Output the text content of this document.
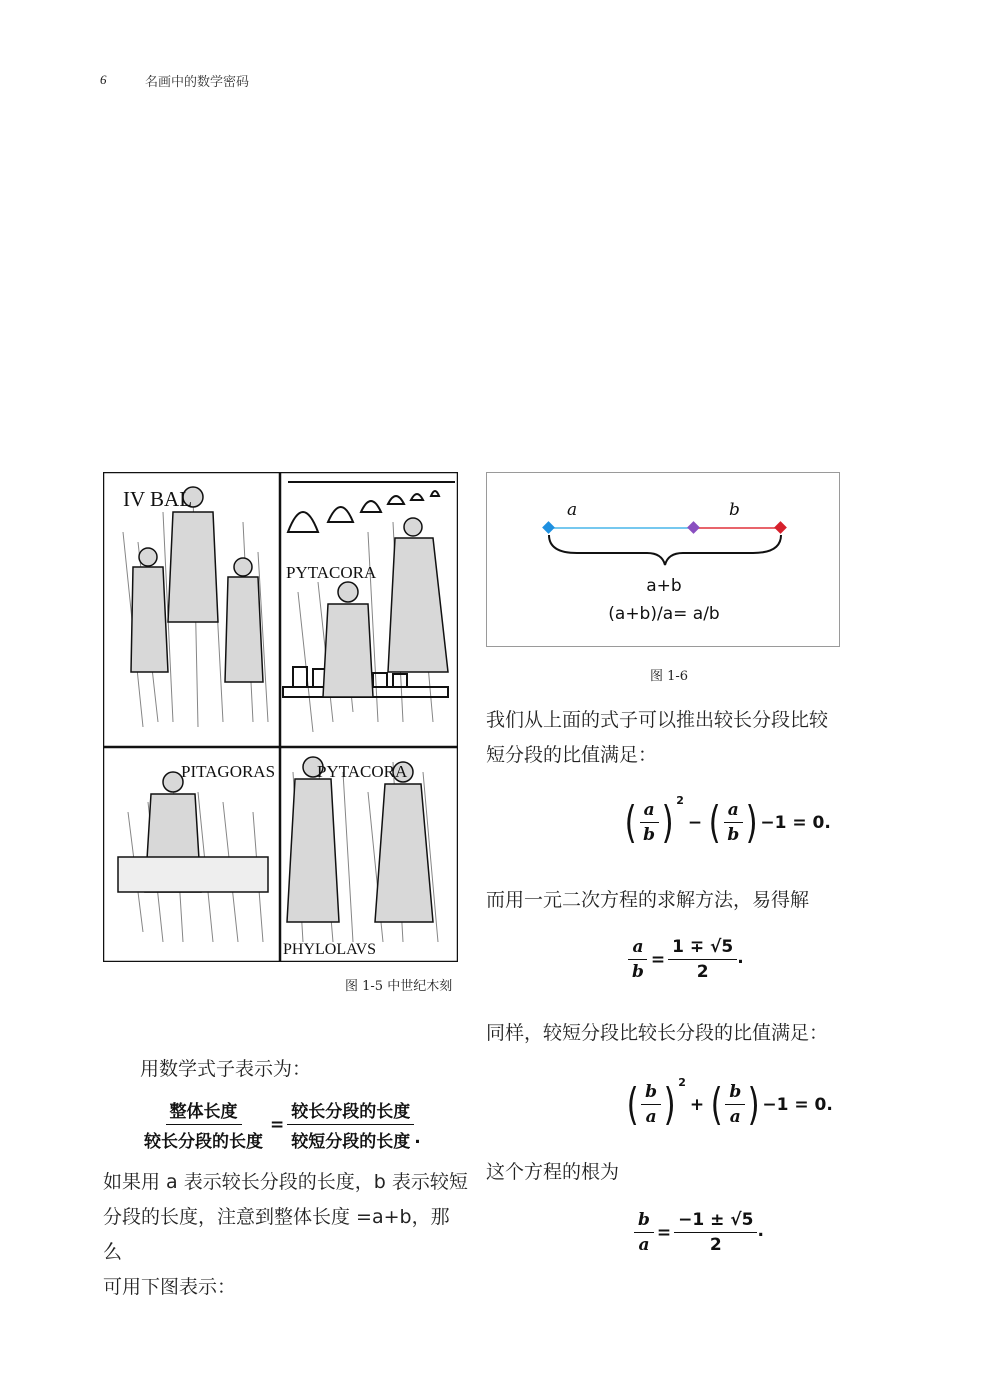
6	名画中的数学密码
IV BAL
PYTACORA
PITAGORAS PYTACORA
PHYLOLAVS
图 1-5 中世纪木刻
a	b
a+b
(a+b)/a= a/b
图 1-6
用数学式子表示为：
$\frac{\text{整体长度}}{\text{较长分段的长度}} = \frac{\text{较长分段的长度}}{\text{较短分段的长度}}$ .
如果用 a 表示较长分段的长度，b 表示较短
分段的长度，注意到整体长度 =a+b，那么
可用下图表示：
我们从上面的式子可以推出较长分段比较
短分段的比值满足：
( $\frac{a}{b}$ ) 2
− ( $\frac{a}{b}$ ) −1 = 0.
而用一元二次方程的求解方法，易得解
$\frac{a}{b} = \frac{1 \mp √5}{2}$ .
同样，较短分段比较长分段的比值满足：
( $\frac{b}{a}$ ) 2
+ ( $\frac{b}{a}$ ) −1 = 0.
这个方程的根为
$\frac{b}{a} = \frac{-1 \pm √5}{2}$ .
